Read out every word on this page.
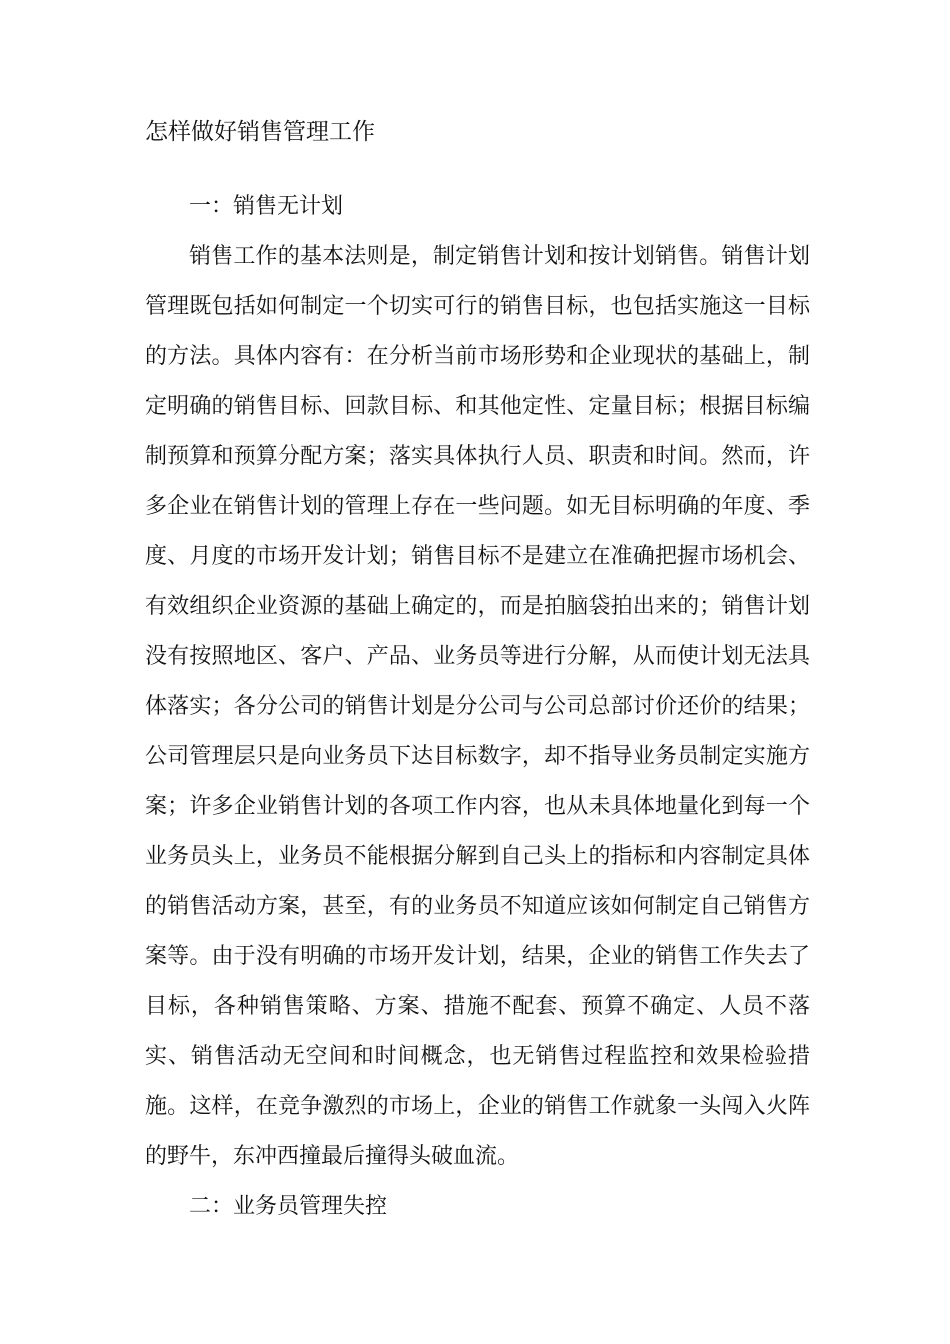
怎样做好销售管理工作
一：销售无计划

销售工作的基本法则是，制定销售计划和按计划销售。销售计划管理既包括如何制定一个切实可行的销售目标，也包括实施这一目标的方法。具体内容有：在分析当前市场形势和企业现状的基础上，制定明确的销售目标、回款目标、和其他定性、定量目标；根据目标编制预算和预算分配方案；落实具体执行人员、职责和时间。然而，许多企业在销售计划的管理上存在一些问题。如无目标明确的年度、季度、月度的市场开发计划；销售目标不是建立在准确把握市场机会、有效组织企业资源的基础上确定的，而是拍脑袋拍出来的；销售计划没有按照地区、客户、产品、业务员等进行分解，从而使计划无法具体落实；各分公司的销售计划是分公司与公司总部讨价还价的结果；公司管理层只是向业务员下达目标数字，却不指导业务员制定实施方案；许多企业销售计划的各项工作内容，也从未具体地量化到每一个业务员头上，业务员不能根据分解到自己头上的指标和内容制定具体的销售活动方案，甚至，有的业务员不知道应该如何制定自己销售方案等。由于没有明确的市场开发计划，结果，企业的销售工作失去了目标，各种销售策略、方案、措施不配套、预算不确定、人员不落实、销售活动无空间和时间概念，也无销售过程监控和效果检验措施。这样，在竞争激烈的市场上，企业的销售工作就象一头闯入火阵的野牛，东冲西撞最后撞得头破血流。

二：业务员管理失控
